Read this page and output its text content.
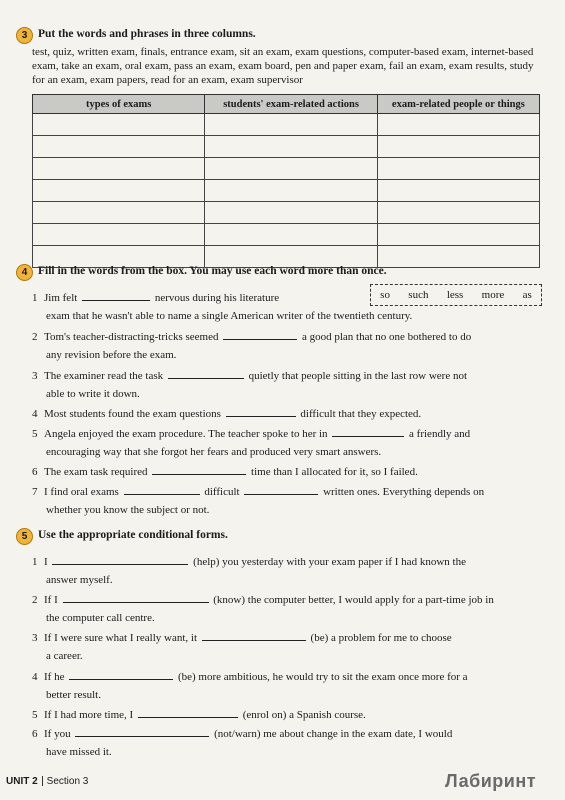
3 Put the words and phrases in three columns.
test, quiz, written exam, finals, entrance exam, sit an exam, exam questions, computer-based exam, internet-based exam, take an exam, oral exam, pass an exam, exam board, pen and paper exam, fail an exam, exam results, study for an exam, exam papers, read for an exam, exam supervisor
types of exams	students' exam-related actions	exam-related people or things

4 Fill in the words from the box. You may use each word more than once.
so such less more as
1 Jim felt	nervous during his literature
exam that he wasn't able to name a single American writer of the twentieth century.
2 Tom's teacher-distracting-tricks seemed	a good plan that no one bothered to do
any revision before the exam.
3 The examiner read the task	quietly that people sitting in the last row were not
able to write it down.
4 Most students found the exam questions	difficult that they expected.
5 Angela enjoyed the exam procedure. The teacher spoke to her in	a friendly and
encouraging way that she forgot her fears and produced very smart answers.
6 The exam task required	time than I allocated for it, so I failed.
7 I find oral exams	difficult	written ones. Everything depends on
whether you know the subject or not.
5 Use the appropriate conditional forms.
1 I	(help) you yesterday with your exam paper if I had known the
answer myself.
2 If I	(know) the computer better, I would apply for a part-time job in
the computer call centre.
3 If I were sure what I really want, it	(be) a problem for me to choose
a career.
4 If he	(be) more ambitious, he would try to sit the exam once more for a
better result.
5 If I had more time, I	(enrol on) a Spanish course.
6 If you	(not/warn) me about change in the exam date, I would
have missed it.
UNIT 2 Section 3	Лабиринт
